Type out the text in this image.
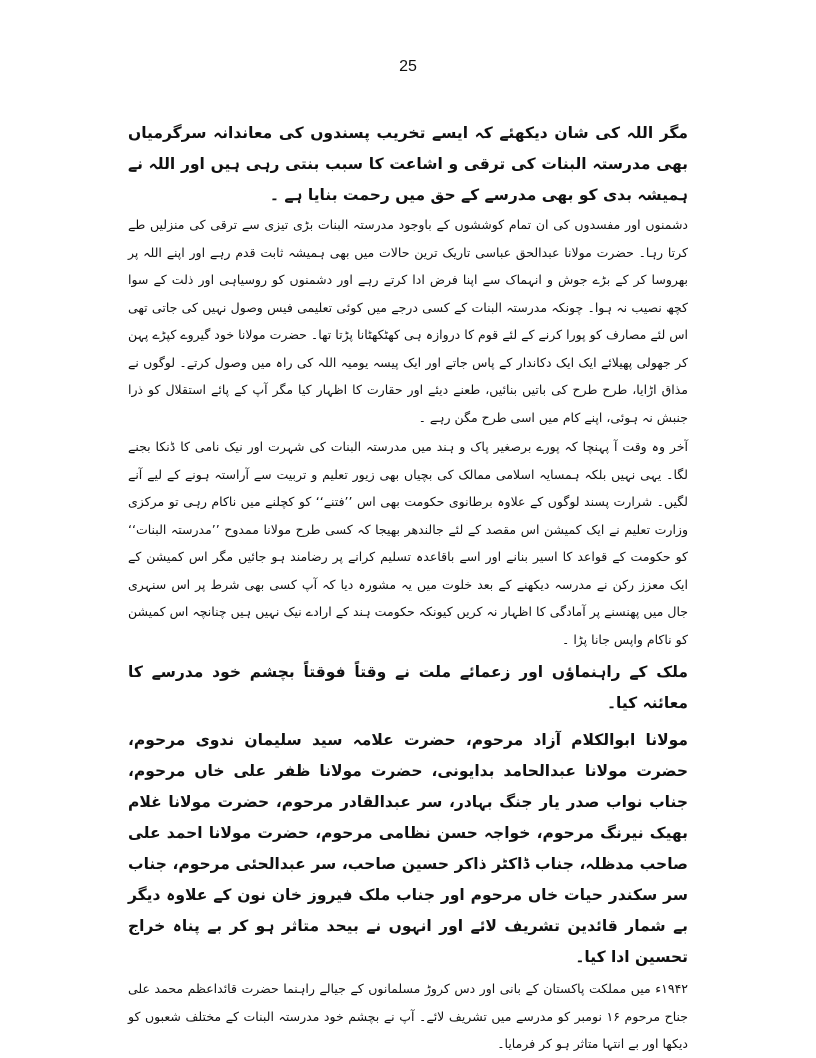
25

مگر اللہ کی شان دیکھئے کہ ایسے تخریب پسندوں کی معاندانہ سرگرمیاں بھی مدرستہ البنات کی ترقی و اشاعت کا سبب بنتی رہی ہیں اور اللہ نے ہمیشہ بدی کو بھی مدرسے کے حق میں رحمت بنایا ہے ۔

دشمنوں اور مفسدوں کی ان تمام کوششوں کے باوجود مدرستہ البنات بڑی تیزی سے ترقی کی منزلیں طے کرتا رہا۔ حضرت مولانا عبدالحق عباسی تاریک ترین حالات میں بھی ہمیشہ ثابت قدم رہے اور اپنے اللہ پر بھروسا کر کے بڑے جوش و انہماک سے اپنا فرض ادا کرتے رہے اور دشمنوں کو روسیاہی اور ذلت کے سوا کچھ نصیب نہ ہوا۔ چونکہ مدرستہ البنات کے کسی درجے میں کوئی تعلیمی فیس وصول نہیں کی جاتی تھی اس لئے مصارف کو پورا کرنے کے لئے قوم کا دروازہ ہی کھٹکھٹانا پڑتا تھا۔ حضرت مولانا خود گیروے کپڑے پہن کر جھولی پھیلائے ایک ایک دکاندار کے پاس جاتے اور ایک پیسہ یومیہ اللہ کی راہ میں وصول کرتے۔ لوگوں نے مذاق اڑایا، طرح طرح کی باتیں بنائیں، طعنے دیئے اور حقارت کا اظہار کیا مگر آپ کے پائے استقلال کو ذرا جنبش نہ ہوئی، اپنے کام میں اسی طرح مگن رہے ۔

آخر وہ وقت آ پہنچا کہ پورے برصغیر پاک و ہند میں مدرستہ البنات کی شہرت اور نیک نامی کا ڈنکا بجنے لگا۔ یہی نہیں بلکہ ہمسایہ اسلامی ممالک کی بچیاں بھی زیور تعلیم و تربیت سے آراستہ ہونے کے لیے آنے لگیں۔ شرارت پسند لوگوں کے علاوہ برطانوی حکومت بھی اس ’’فتنے‘‘ کو کچلنے میں ناکام رہی تو مرکزی وزارت تعلیم نے ایک کمیشن اس مقصد کے لئے جالندھر بھیجا کہ کسی طرح مولانا ممدوح ’’مدرستہ البنات‘‘ کو حکومت کے قواعد کا اسیر بنانے اور اسے باقاعدہ تسلیم کرانے پر رضامند ہو جائیں مگر اس کمیشن کے ایک معزز رکن نے مدرسہ دیکھنے کے بعد خلوت میں یہ مشورہ دیا کہ آپ کسی بھی شرط پر اس سنہری جال میں پھنسنے پر آمادگی کا اظہار نہ کریں کیونکہ حکومت ہند کے ارادے نیک نہیں ہیں چنانچہ اس کمیشن کو ناکام واپس جانا پڑا ۔

ملک کے راہنماؤں اور زعمائے ملت نے وقتاً فوقتاً بچشم خود مدرسے کا معائنہ کیا۔

مولانا ابوالکلام آزاد مرحوم، حضرت علامہ سید سلیمان ندوی مرحوم، حضرت مولانا عبدالحامد بدایونی، حضرت مولانا ظفر علی خاں مرحوم، جناب نواب صدر یار جنگ بہادر، سر عبدالقادر مرحوم، حضرت مولانا غلام بھیک نیرنگ مرحوم، خواجہ حسن نظامی مرحوم، حضرت مولانا احمد علی صاحب مدظلہ، جناب ڈاکٹر ذاکر حسین صاحب، سر عبدالحئی مرحوم، جناب سر سکندر حیات خاں مرحوم اور جناب ملک فیروز خان نون کے علاوہ دیگر بے شمار قائدین تشریف لائے اور انہوں نے بیحد متاثر ہو کر بے پناہ خراج تحسین ادا کیا۔

۱۹۴۲ء میں مملکت پاکستان کے بانی اور دس کروڑ مسلمانوں کے جیالے راہنما حضرت قائداعظم محمد علی جناح مرحوم ۱۶ نومبر کو مدرسے میں تشریف لائے۔ آپ نے بچشم خود مدرستہ البنات کے مختلف شعبوں کو دیکھا اور بے انتہا متاثر ہو کر فرمایا۔
